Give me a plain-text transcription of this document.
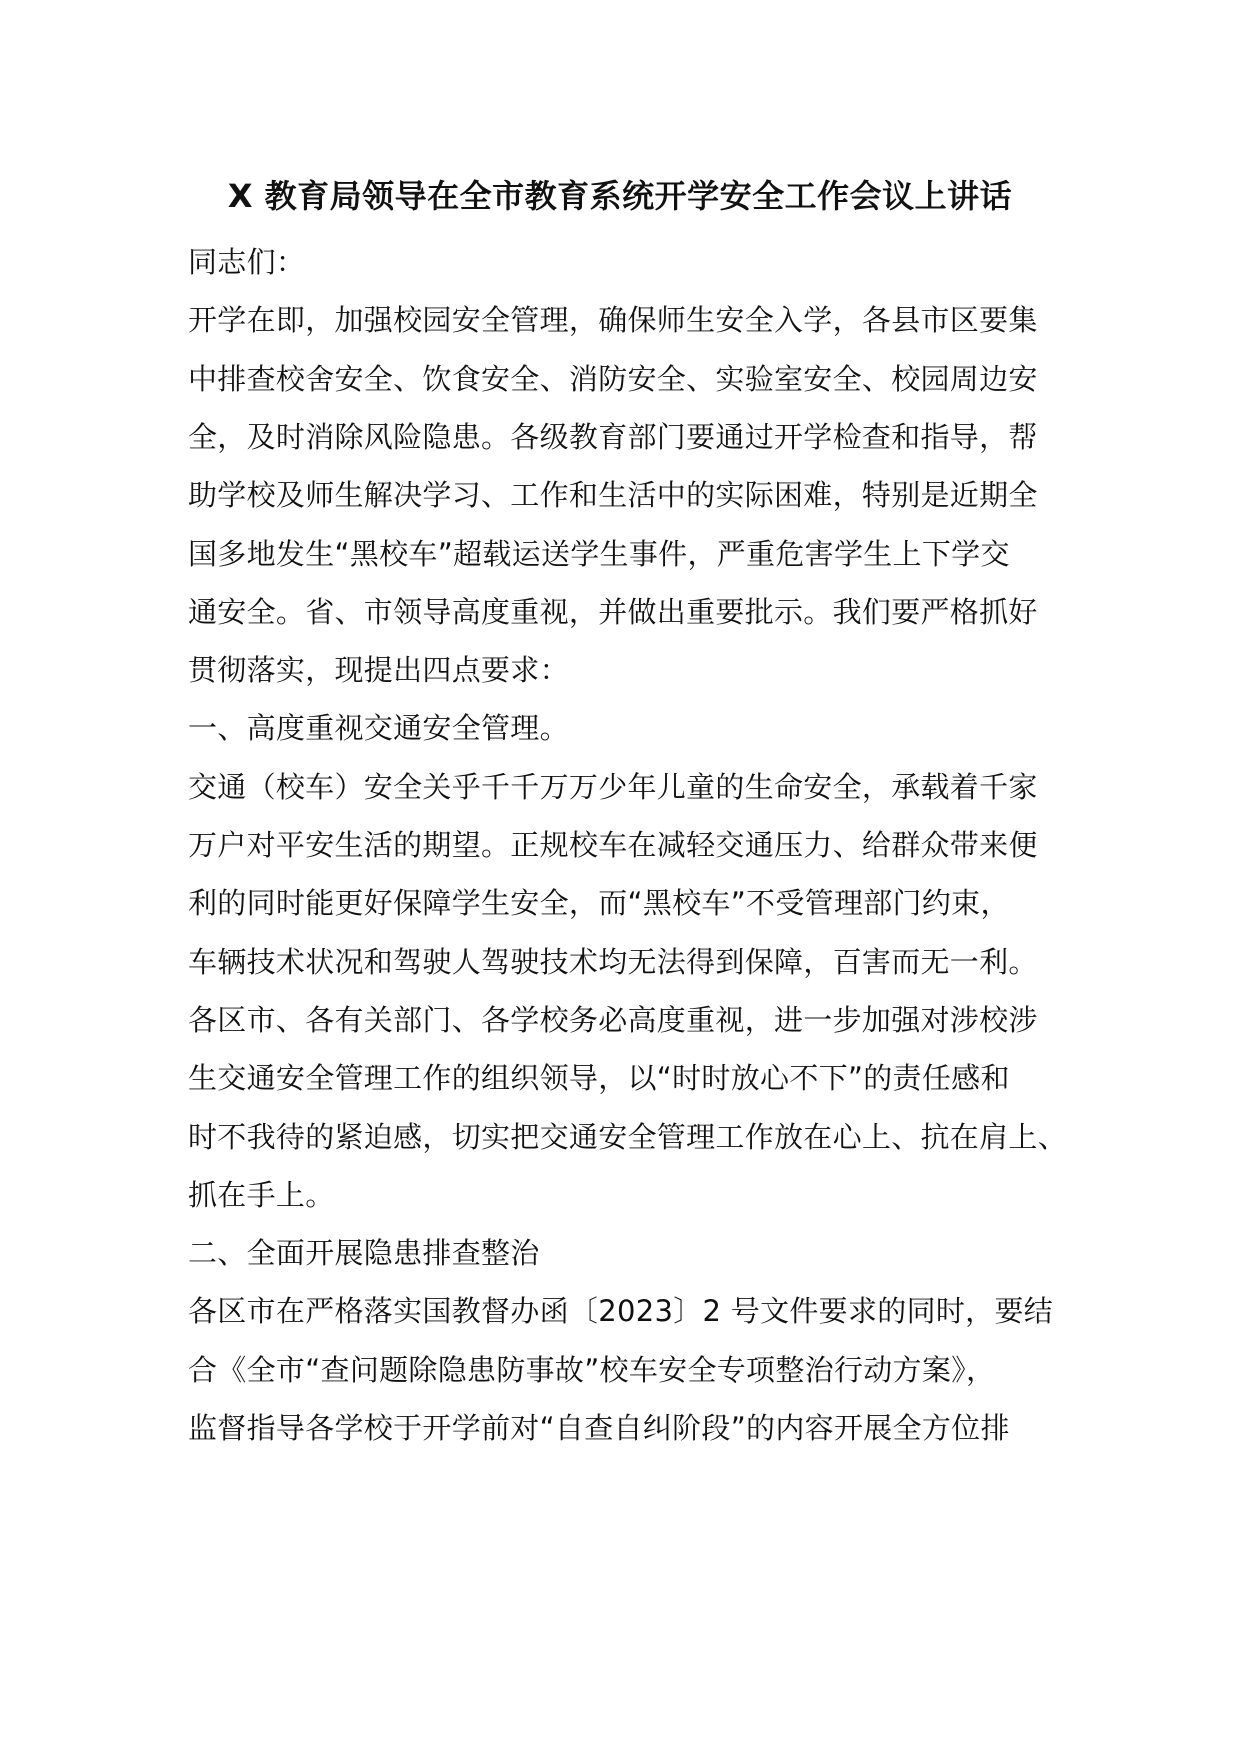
X 教育局领导在全市教育系统开学安全工作会议上讲话
同志们：
开学在即，加强校园安全管理，确保师生安全入学，各县市区要集
中排查校舍安全、饮食安全、消防安全、实验室安全、校园周边安
全，及时消除风险隐患。各级教育部门要通过开学检查和指导，帮
助学校及师生解决学习、工作和生活中的实际困难，特别是近期全
国多地发生“黑校车”超载运送学生事件，严重危害学生上下学交
通安全。省、市领导高度重视，并做出重要批示。我们要严格抓好
贯彻落实，现提出四点要求：
一、高度重视交通安全管理。
交通（校车）安全关乎千千万万少年儿童的生命安全，承载着千家
万户对平安生活的期望。正规校车在减轻交通压力、给群众带来便
利的同时能更好保障学生安全，而“黑校车”不受管理部门约束，
车辆技术状况和驾驶人驾驶技术均无法得到保障，百害而无一利。
各区市、各有关部门、各学校务必高度重视，进一步加强对涉校涉
生交通安全管理工作的组织领导，以“时时放心不下”的责任感和
时不我待的紧迫感，切实把交通安全管理工作放在心上、抗在肩上、
抓在手上。
二、全面开展隐患排查整治
各区市在严格落实国教督办函〔2023〕2 号文件要求的同时，要结
合《全市“查问题除隐患防事故”校车安全专项整治行动方案》，
监督指导各学校于开学前对“自查自纠阶段”的内容开展全方位排
